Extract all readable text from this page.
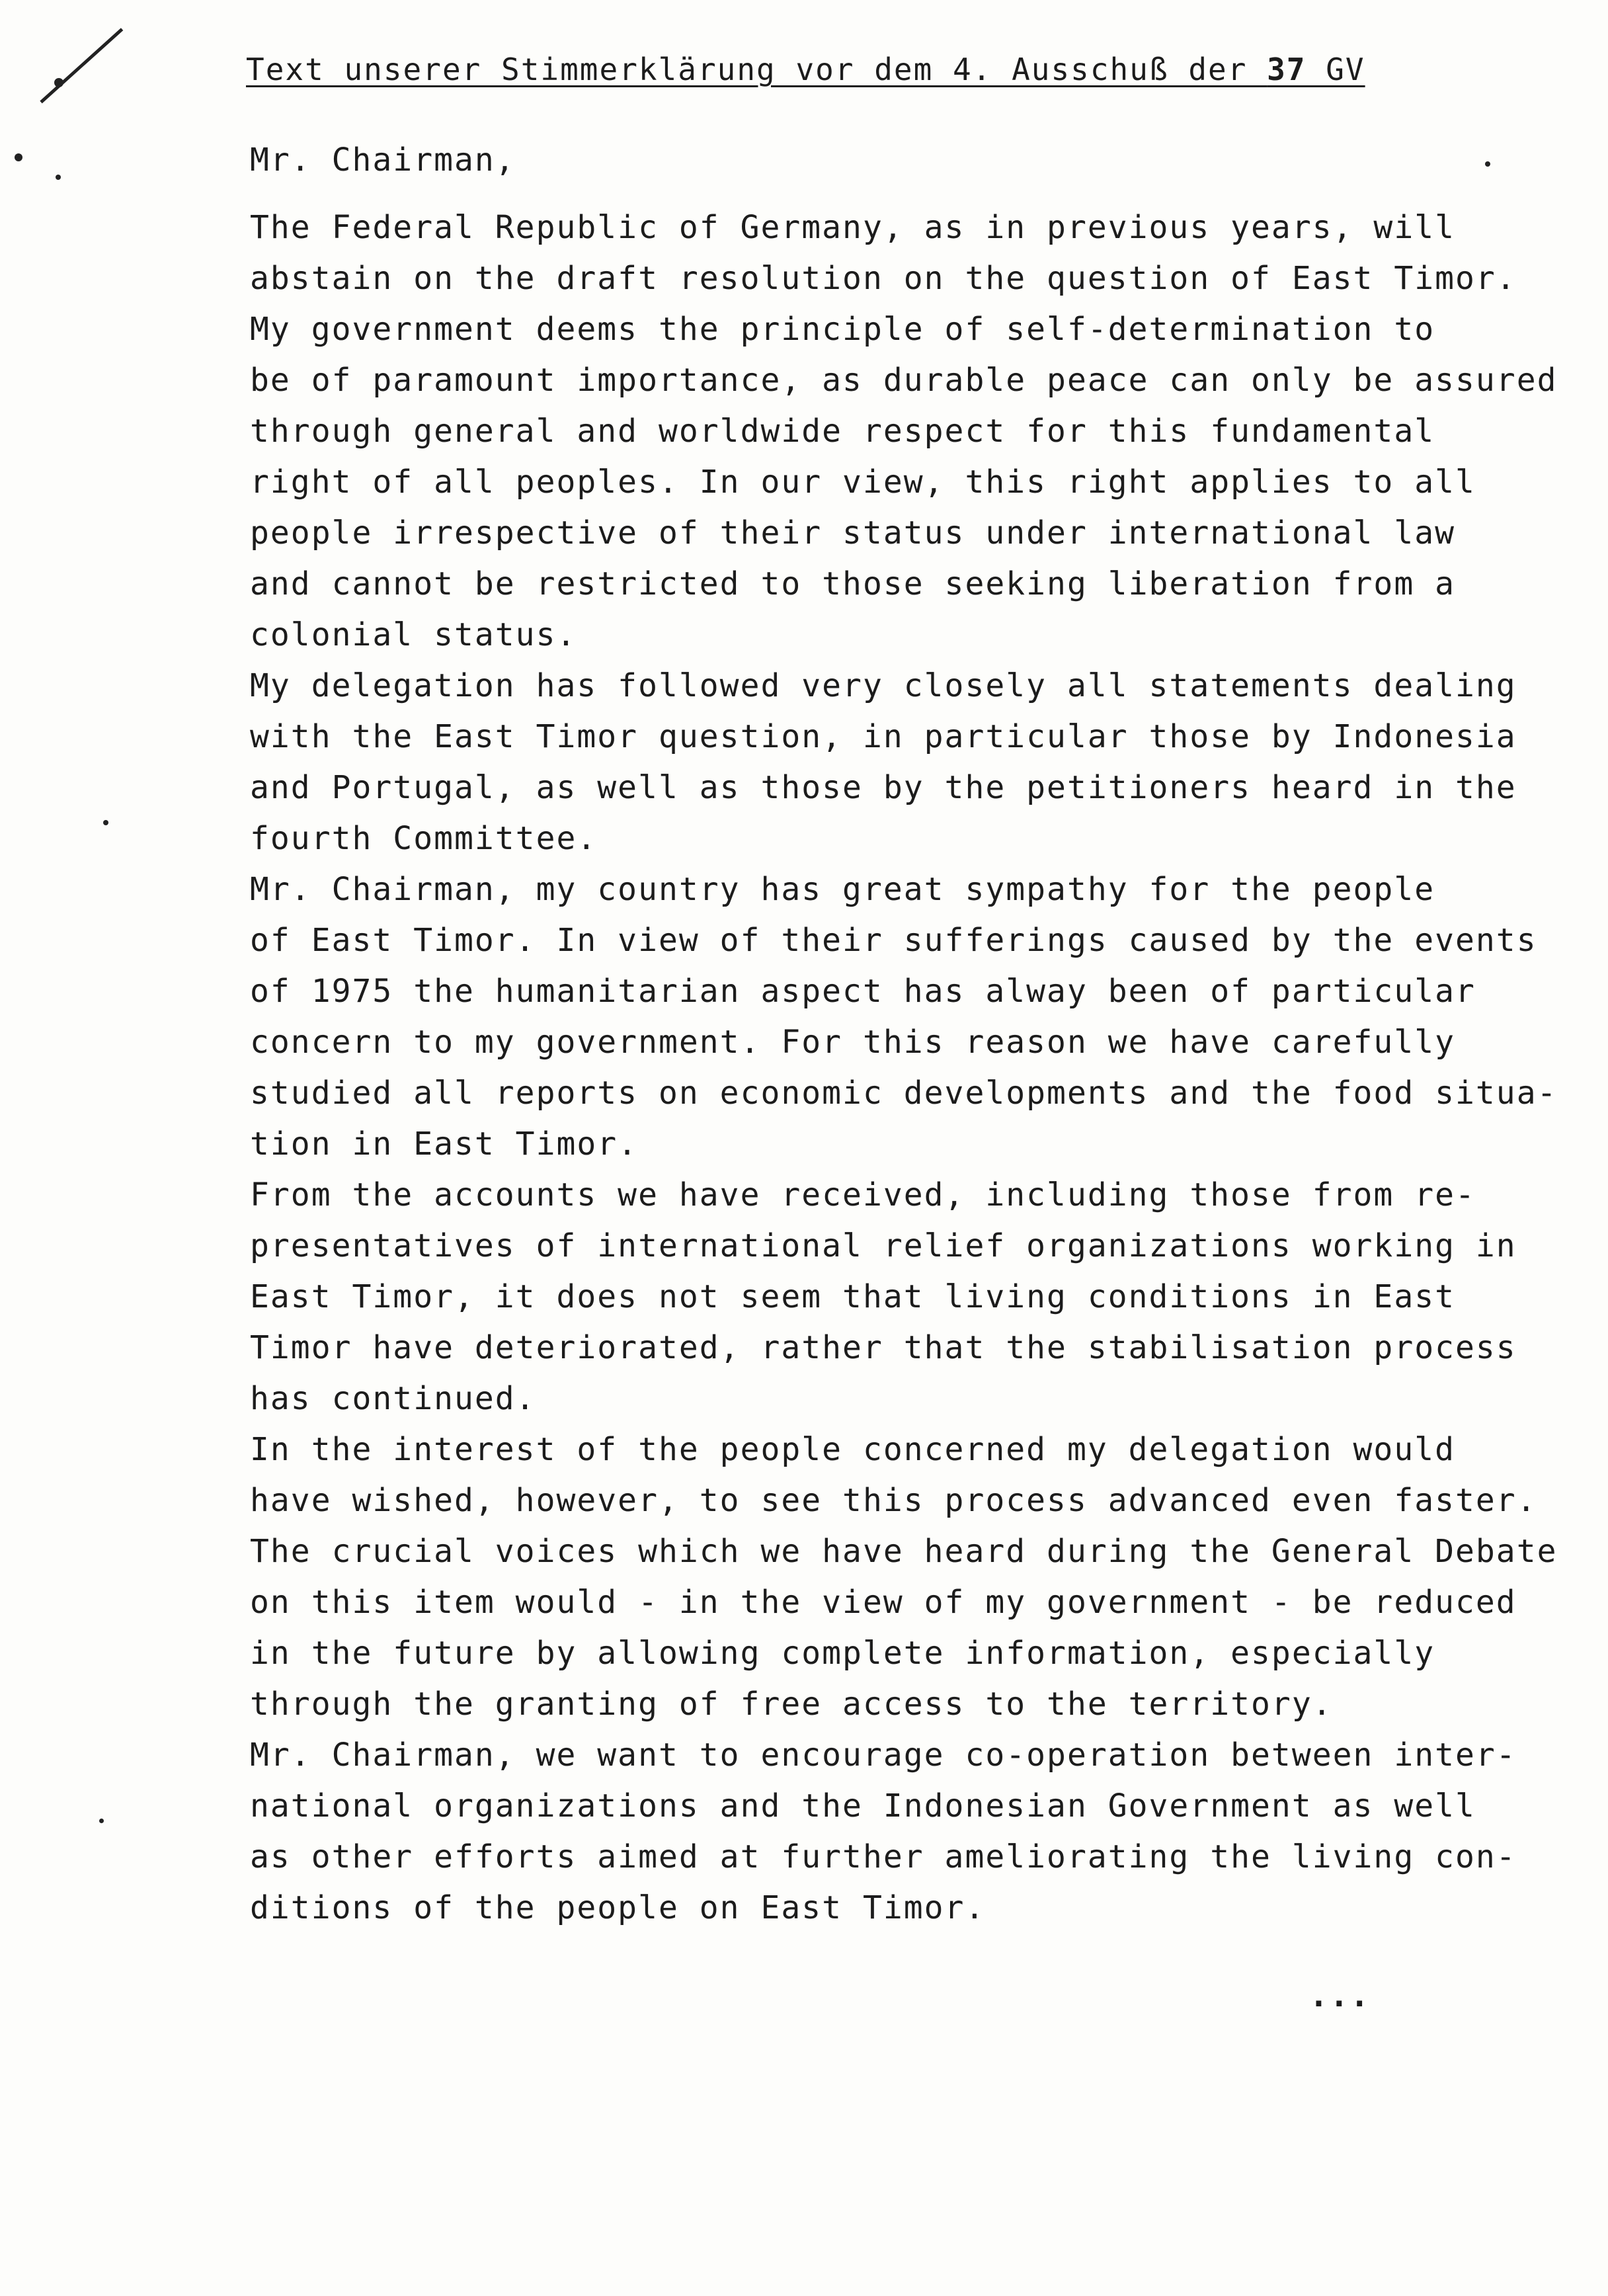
Text unserer Stimmerklärung vor dem 4. Ausschuß der 37 GV
Mr. Chairman,
The Federal Republic of Germany, as in previous years, will
abstain on the draft resolution on the question of East Timor.
My government deems the principle of self-determination to
be of paramount importance, as durable peace can only be assured
through general and worldwide respect for this fundamental
right of all peoples. In our view, this right applies to all
people irrespective of their status under international law
and cannot be restricted to those seeking liberation from a
colonial status.
My delegation has followed very closely all statements dealing
with the East Timor question, in particular those by Indonesia
and Portugal, as well as those by the petitioners heard in the
fourth Committee.
Mr. Chairman, my country has great sympathy for the people
of East Timor. In view of their sufferings caused by the events
of 1975 the humanitarian aspect has alway been of particular
concern to my government. For this reason we have carefully
studied all reports on economic developments and the food situa-
tion in East Timor.
From the accounts we have received, including those from re-
presentatives of international relief organizations working in
East Timor, it does not seem that living conditions in East
Timor have deteriorated, rather that the stabilisation process
has continued.
In the interest of the people concerned my delegation would
have wished, however, to see this process advanced even faster.
The crucial voices which we have heard during the General Debate
on this item would - in the view of my government - be reduced
in the future by allowing complete information, especially
through the granting of free access to the territory.
Mr. Chairman, we want to encourage co-operation between inter-
national organizations and the Indonesian Government as well
as other efforts aimed at further ameliorating the living con-
ditions of the people on East Timor.
...
